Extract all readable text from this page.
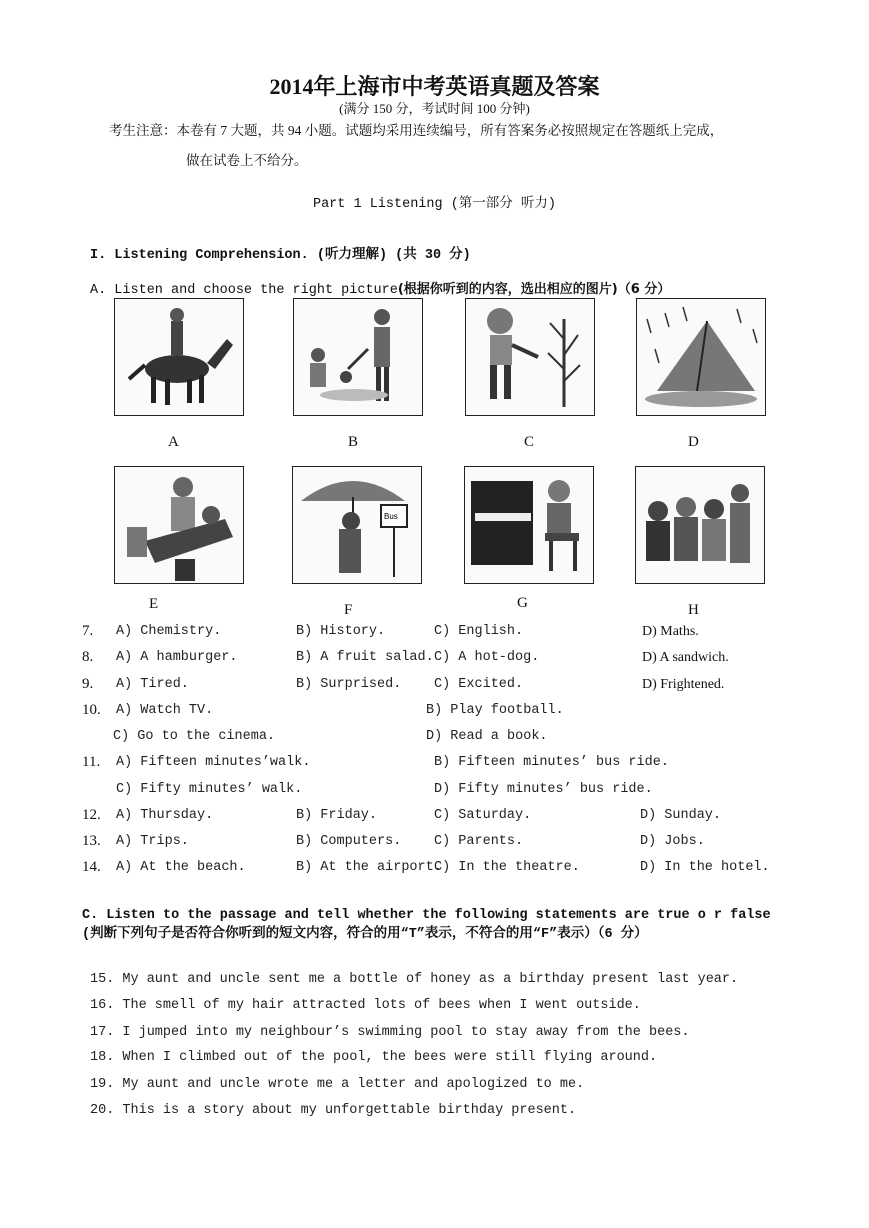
2014年上海市中考英语真题及答案
(满分 150 分，考试时间 100 分钟)
考生注意：本卷有 7 大题，共 94 小题。试题均采用连续编号，所有答案务必按照规定在答题纸上完成，
做在试卷上不给分。
Part 1 Listening (第一部分 听力)
I. Listening Comprehension. (听力理解) (共 30 分)
A. Listen and choose the right picture(根据你听到的内容，选出相应的图片)（6 分）
A	B	C	D
E
Bus
F	G	H
7. A) Chemistry.	B) History.	C) English.	D) Maths.
8. A) A hamburger.	B) A fruit salad. C) A hot-dog.	D) A sandwich.
9. A) Tired.	B) Surprised. C) Excited.	D) Frightened.
10. A) Watch TV.	B) Play football.
C) Go to the cinema.	D) Read a book.
11. A) Fifteen minutes’walk.	B) Fifteen minutes’ bus ride.
C) Fifty minutes’ walk.	D) Fifty minutes’ bus ride.
12. A) Thursday.	B) Friday.	C) Saturday.	D) Sunday.
13. A) Trips.	B) Computers. C) Parents.	D) Jobs.
14. A) At the beach.	B) At the airport.
C) In the theatre.	D) In the hotel.
C. Listen to the passage and tell whether the following statements are true o r false (判断下列句子是否符合你听到的短文内容，符合的用“T”表示，不符合的用“F”表示）（6 分）
15. My aunt and uncle sent me a bottle of honey as a birthday present last year.
16. The smell of my hair attracted lots of bees when I went outside.
17. I jumped into my neighbour’s swimming pool to stay away from the bees.
18. When I climbed out of the pool, the bees were still flying around.
19. My aunt and uncle wrote me a letter and apologized to me.
20. This is a story about my unforgettable birthday present.
